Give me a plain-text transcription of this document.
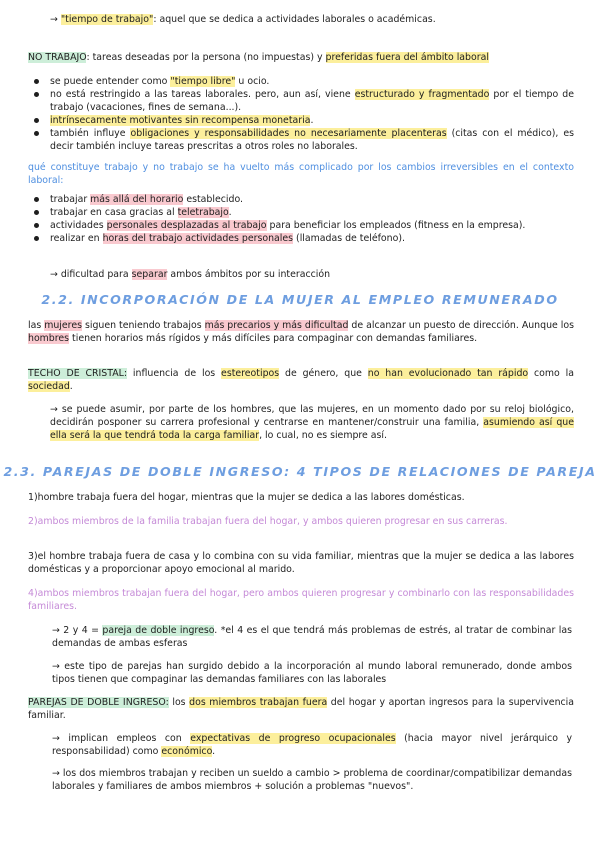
→ "tiempo de trabajo": aquel que se dedica a actividades laborales o académicas.
NO TRABAJO: tareas deseadas por la persona (no impuestas) y preferidas fuera del ámbito laboral
se puede entender como "tiempo libre" u ocio.
no está restringido a las tareas laborales. pero, aun así, viene estructurado y fragmentado por el tiempo de trabajo (vacaciones, fines de semana...).
intrínsecamente motivantes sin recompensa monetaria.
también influye obligaciones y responsabilidades no necesariamente placenteras (citas con el médico), es decir también incluye tareas prescritas a otros roles no laborales.
qué constituye trabajo y no trabajo se ha vuelto más complicado por los cambios irreversibles en el contexto laboral:
trabajar más allá del horario establecido.
trabajar en casa gracias al teletrabajo.
actividades personales desplazadas al trabajo para beneficiar los empleados (fitness en la empresa).
realizar en horas del trabajo actividades personales (llamadas de teléfono).
→ dificultad para separar ambos ámbitos por su interacción
2.2. INCORPORACIÓN DE LA MUJER AL EMPLEO REMUNERADO
las mujeres siguen teniendo trabajos más precarios y más dificultad de alcanzar un puesto de dirección. Aunque los hombres tienen horarios más rígidos y más difíciles para compaginar con demandas familiares.
TECHO DE CRISTAL: influencia de los estereotipos de género, que no han evolucionado tan rápido como la sociedad.
→ se puede asumir, por parte de los hombres, que las mujeres, en un momento dado por su reloj biológico, decidirán posponer su carrera profesional y centrarse en mantener/construir una familia, asumiendo así que ella será la que tendrá toda la carga familiar, lo cual, no es siempre así.
2.3. PAREJAS DE DOBLE INGRESO: 4 TIPOS DE RELACIONES DE PAREJA
1)hombre trabaja fuera del hogar, mientras que la mujer se dedica a las labores domésticas.
2)ambos miembros de la familia trabajan fuera del hogar, y ambos quieren progresar en sus carreras.
3)el hombre trabaja fuera de casa y lo combina con su vida familiar, mientras que la mujer se dedica a las labores domésticas y a proporcionar apoyo emocional al marido.
4)ambos miembros trabajan fuera del hogar, pero ambos quieren progresar y combinarlo con las responsabilidades familiares.
→ 2 y 4 = pareja de doble ingreso. *el 4 es el que tendrá más problemas de estrés, al tratar de combinar las demandas de ambas esferas
→ este tipo de parejas han surgido debido a la incorporación al mundo laboral remunerado, donde ambos tipos tienen que compaginar las demandas familiares con las laborales
PAREJAS DE DOBLE INGRESO: los dos miembros trabajan fuera del hogar y aportan ingresos para la supervivencia familiar.
→ implican empleos con expectativas de progreso ocupacionales (hacia mayor nivel jerárquico y responsabilidad) como económico.
→ los dos miembros trabajan y reciben un sueldo a cambio > problema de coordinar/compatibilizar demandas laborales y familiares de ambos miembros + solución a problemas "nuevos".
